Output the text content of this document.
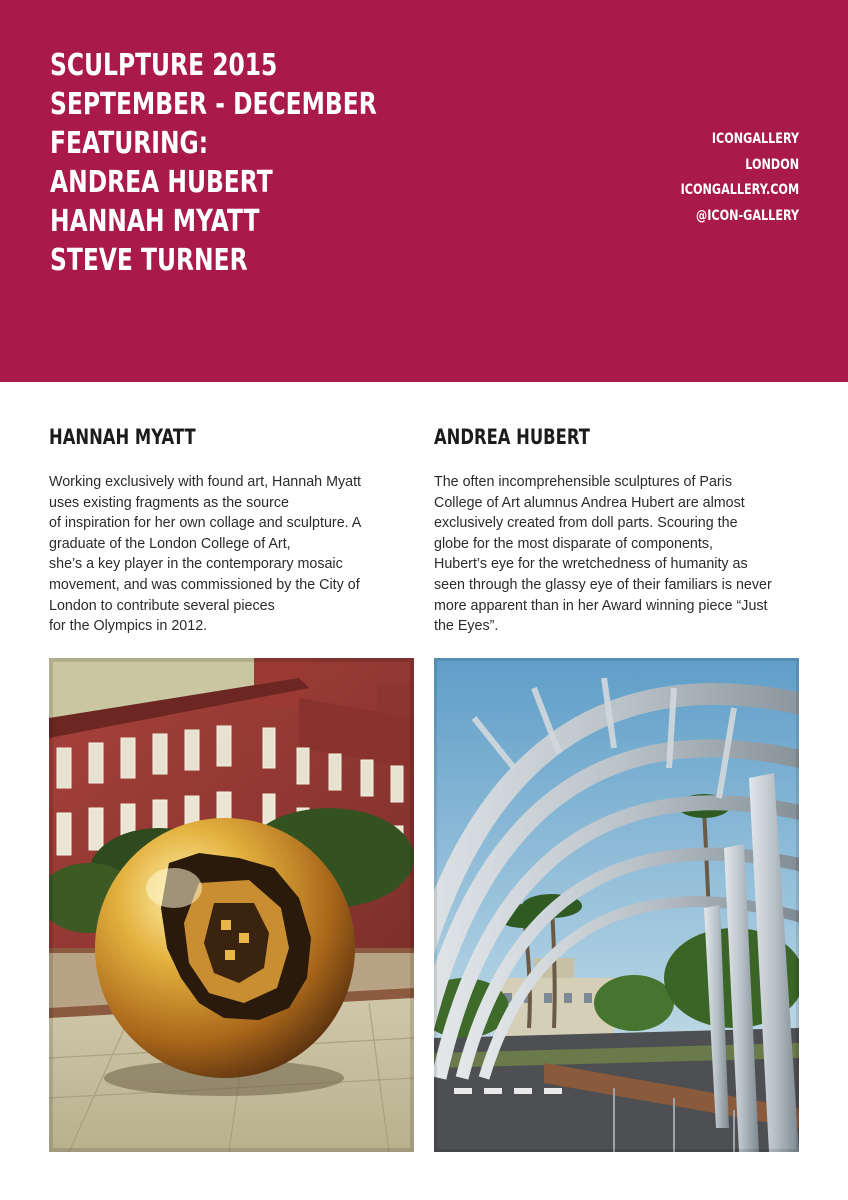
SCULPTURE 2015
SEPTEMBER - DECEMBER
FEATURING:
ANDREA HUBERT
HANNAH MYATT
STEVE TURNER
ICONGALLERY
LONDON
ICONGALLERY.COM
@ICON-GALLERY
HANNAH MYATT

Working exclusively with found art, Hannah Myatt
uses existing fragments as the source
of inspiration for her own collage and sculpture. A
graduate of the London College of Art,
she’s a key player in the contemporary mosaic
movement, and was commissioned by the City of
London to contribute several pieces
for the Olympics in 2012.

ANDREA HUBERT

The often incomprehensible sculptures of Paris
College of Art alumnus Andrea Hubert are almost
exclusively created from doll parts. Scouring the
globe for the most disparate of components,
Hubert’s eye for the wretchedness of humanity as
seen through the glassy eye of their familiars is never
more apparent than in her Award winning piece “Just
the Eyes”.
